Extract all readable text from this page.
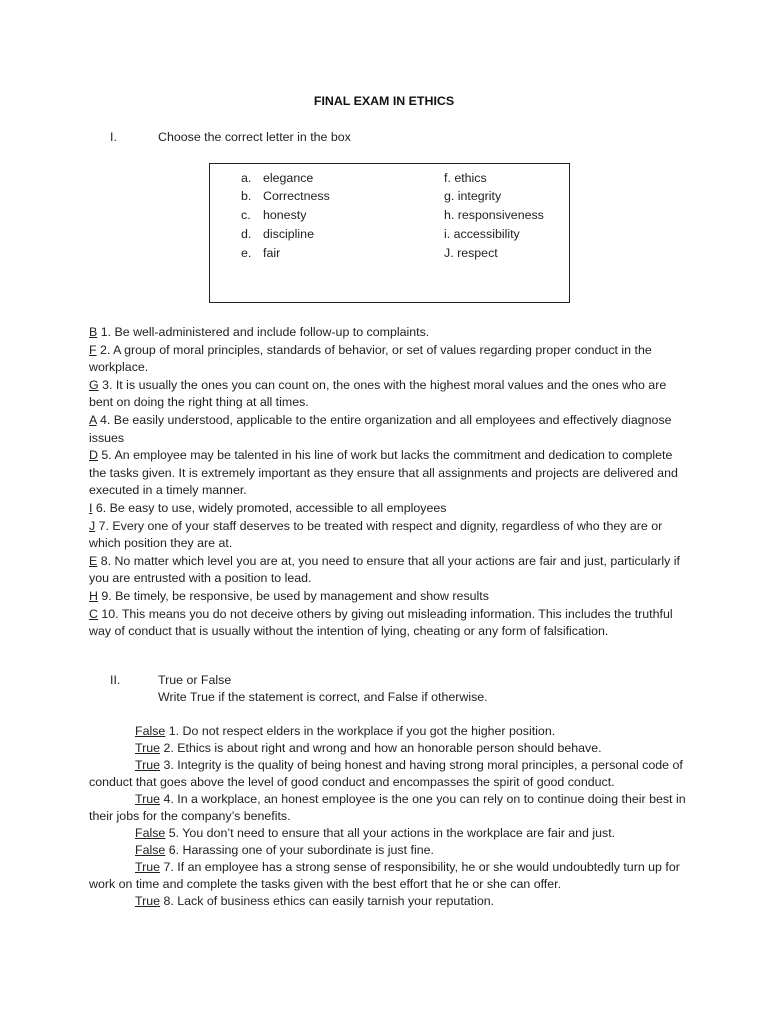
FINAL EXAM IN ETHICS
I.	Choose the correct letter in the box
a. elegance
b. Correctness
c. honesty
d. discipline
e. fair
f. ethics
g. integrity
h. responsiveness
i. accessibility
J. respect

B 1. Be well-administered and include follow-up to complaints.

F 2. A group of moral principles, standards of behavior, or set of values regarding proper conduct in the workplace.

G 3. It is usually the ones you can count on, the ones with the highest moral values and the ones who are bent on doing the right thing at all times.

A 4. Be easily understood, applicable to the entire organization and all employees and effectively diagnose issues

D 5. An employee may be talented in his line of work but lacks the commitment and dedication to complete the tasks given. It is extremely important as they ensure that all assignments and projects are delivered and executed in a timely manner.

I 6. Be easy to use, widely promoted, accessible to all employees

J 7. Every one of your staff deserves to be treated with respect and dignity, regardless of who they are or which position they are at.

E 8. No matter which level you are at, you need to ensure that all your actions are fair and just, particularly if you are entrusted with a position to lead.

H 9. Be timely, be responsive, be used by management and show results

C 10. This means you do not deceive others by giving out misleading information. This includes the truthful way of conduct that is usually without the intention of lying, cheating or any form of falsification.

II.	True or False
Write True if the statement is correct, and False if otherwise.

False 1. Do not respect elders in the workplace if you got the higher position.

True 2. Ethics is about right and wrong and how an honorable person should behave.

True 3. Integrity is the quality of being honest and having strong moral principles, a personal code of conduct that goes above the level of good conduct and encompasses the spirit of good conduct.

True 4. In a workplace, an honest employee is the one you can rely on to continue doing their best in their jobs for the company’s benefits.

False 5. You don’t need to ensure that all your actions in the workplace are fair and just.

False 6. Harassing one of your subordinate is just fine.

True 7. If an employee has a strong sense of responsibility, he or she would undoubtedly turn up for work on time and complete the tasks given with the best effort that he or she can offer.

True 8. Lack of business ethics can easily tarnish your reputation.
